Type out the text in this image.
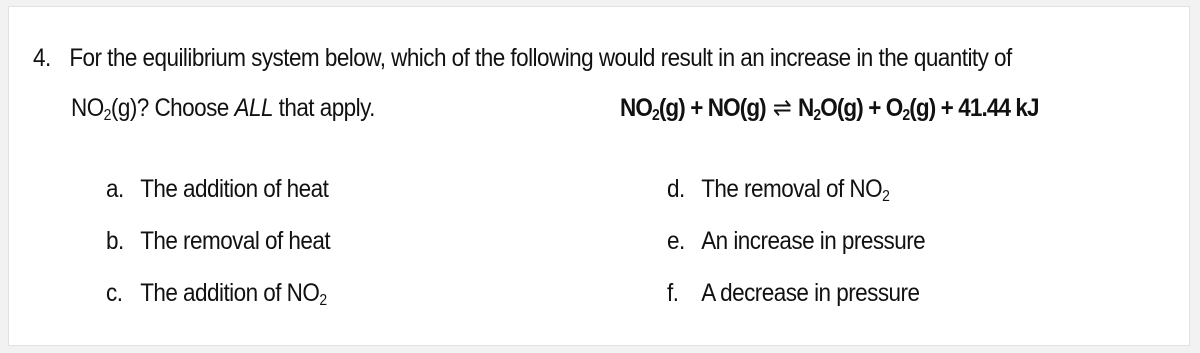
4. For the equilibrium system below, which of the following would result in an increase in the quantity of
$NO_2(g)$? Choose ALL that apply.	$NO_2(g) + NO(g)$ ⇌ $N_2O(g) + O_2(g) + 41.44$ kJ
a. The addition of heat
b. The removal of heat
c. The addition of $NO_2$
d. The removal of $NO_2$
e. An increase in pressure
f. A decrease in pressure
